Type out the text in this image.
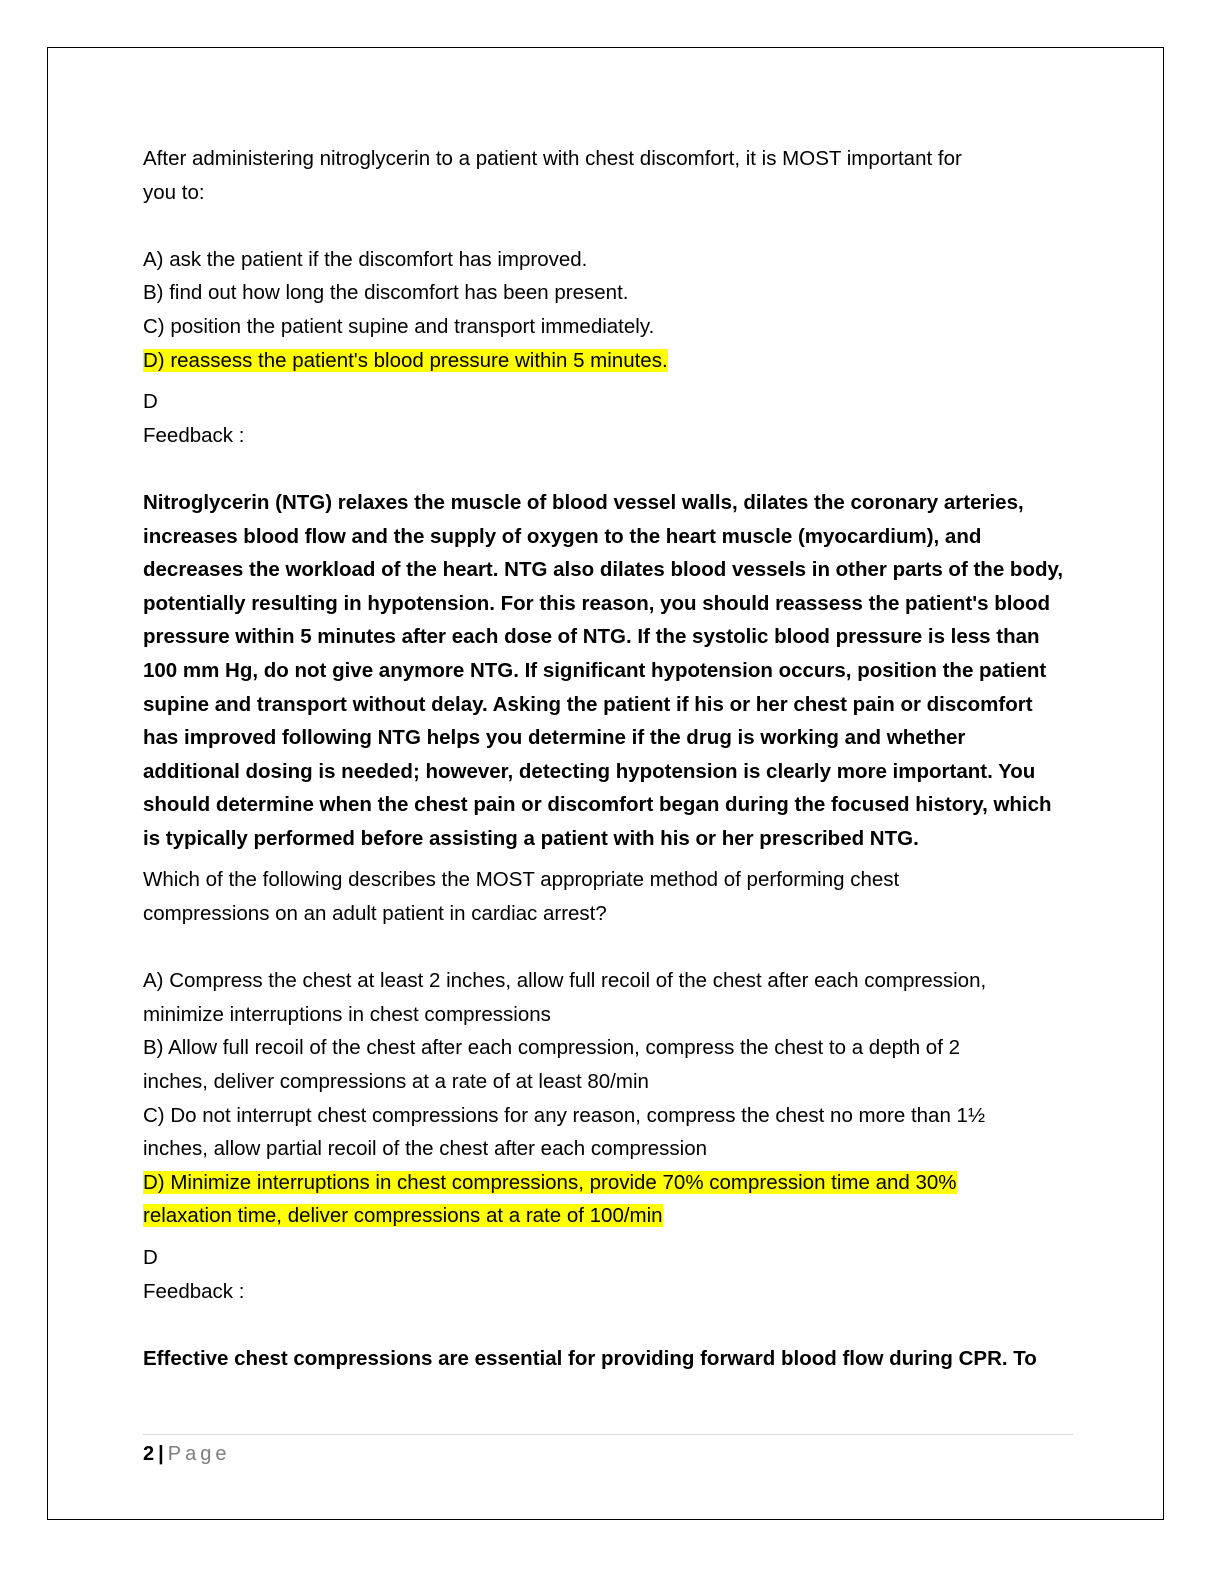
After administering nitroglycerin to a patient with chest discomfort, it is MOST important for
you to:
A) ask the patient if the discomfort has improved.
B) find out how long the discomfort has been present.
C) position the patient supine and transport immediately.
D) reassess the patient's blood pressure within 5 minutes.
D
Feedback :
Nitroglycerin (NTG) relaxes the muscle of blood vessel walls, dilates the coronary arteries,
increases blood flow and the supply of oxygen to the heart muscle (myocardium), and
decreases the workload of the heart. NTG also dilates blood vessels in other parts of the body,
potentially resulting in hypotension. For this reason, you should reassess the patient's blood
pressure within 5 minutes after each dose of NTG. If the systolic blood pressure is less than
100 mm Hg, do not give anymore NTG. If significant hypotension occurs, position the patient
supine and transport without delay. Asking the patient if his or her chest pain or discomfort
has improved following NTG helps you determine if the drug is working and whether
additional dosing is needed; however, detecting hypotension is clearly more important. You
should determine when the chest pain or discomfort began during the focused history, which
is typically performed before assisting a patient with his or her prescribed NTG.
Which of the following describes the MOST appropriate method of performing chest
compressions on an adult patient in cardiac arrest?
A) Compress the chest at least 2 inches, allow full recoil of the chest after each compression,
minimize interruptions in chest compressions
B) Allow full recoil of the chest after each compression, compress the chest to a depth of 2
inches, deliver compressions at a rate of at least 80/min
C) Do not interrupt chest compressions for any reason, compress the chest no more than 1½
inches, allow partial recoil of the chest after each compression
D) Minimize interruptions in chest compressions, provide 70% compression time and 30%
relaxation time, deliver compressions at a rate of 100/min
D
Feedback :
Effective chest compressions are essential for providing forward blood flow during CPR. To
2 | Page
